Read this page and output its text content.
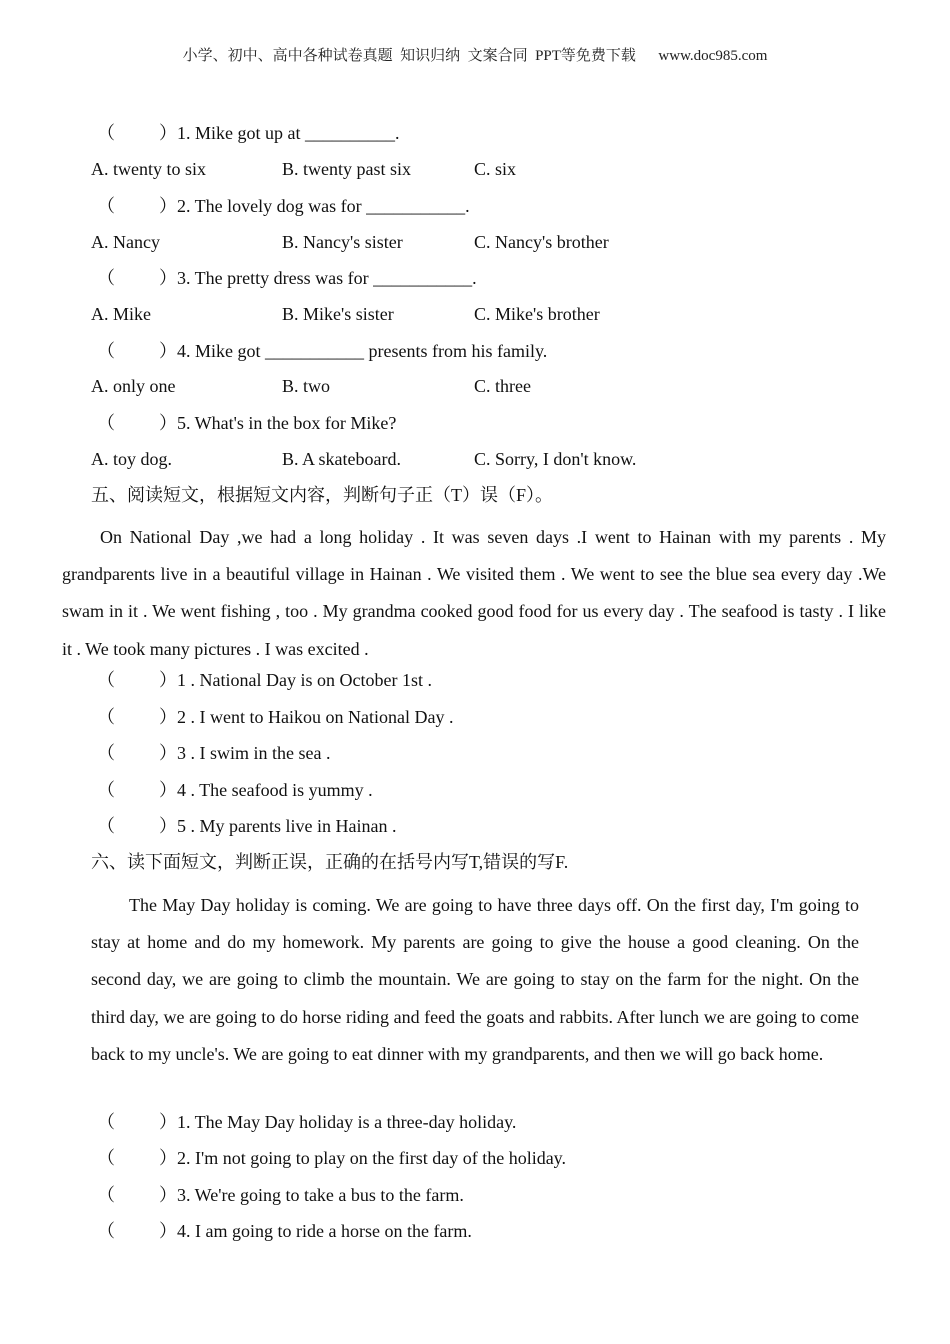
小学、初中、高中各种试卷真题  知识归纳  文案合同  PPT等免费下载      www.doc985.com
（ ）1. Mike got up at __________.
A. twenty to six	B. twenty past six	C. six
（ ）2. The lovely dog was for ___________.
A. Nancy	B. Nancy's sister	C. Nancy's brother
（ ）3. The pretty dress was for ___________.
A. Mike	B. Mike's sister	C. Mike's brother
（ ）4. Mike got ___________ presents from his family.
A. only one	B. two	C. three
（ ）5. What's in the box for Mike?
A. toy dog.	B. A skateboard.	C. Sorry, I don't know.
五、阅读短文，根据短文内容，判断句子正（T）误（F）。
On National Day ,we had a long holiday . It was seven days .I went to Hainan with my parents . My grandparents live in a beautiful village in Hainan . We visited them . We went to see the blue sea every day .We swam in it . We went fishing , too . My grandma cooked good food for us every day . The seafood is tasty . I like it . We took many pictures . I was excited .
（ ）1 . National Day is on October 1st .
（ ）2 . I went to Haikou on National Day .
（ ）3 . I swim in the sea .
（ ）4 . The seafood is yummy .
（ ）5 . My parents live in Hainan .
六、读下面短文，判断正误，正确的在括号内写T,错误的写F.
The May Day holiday is coming. We are going to have three days off. On the first day, I'm going to stay at home and do my homework. My parents are going to give the house a good cleaning. On the second day, we are going to climb the mountain. We are going to stay on the farm for the night. On the third day, we are going to do horse riding and feed the goats and rabbits. After lunch we are going to come back to my uncle's. We are going to eat dinner with my grandparents, and then we will go back home.
（ ）1. The May Day holiday is a three-day holiday.
（ ）2. I'm not going to play on the first day of the holiday.
（ ）3. We're going to take a bus to the farm.
（ ）4. I am going to ride a horse on the farm.
